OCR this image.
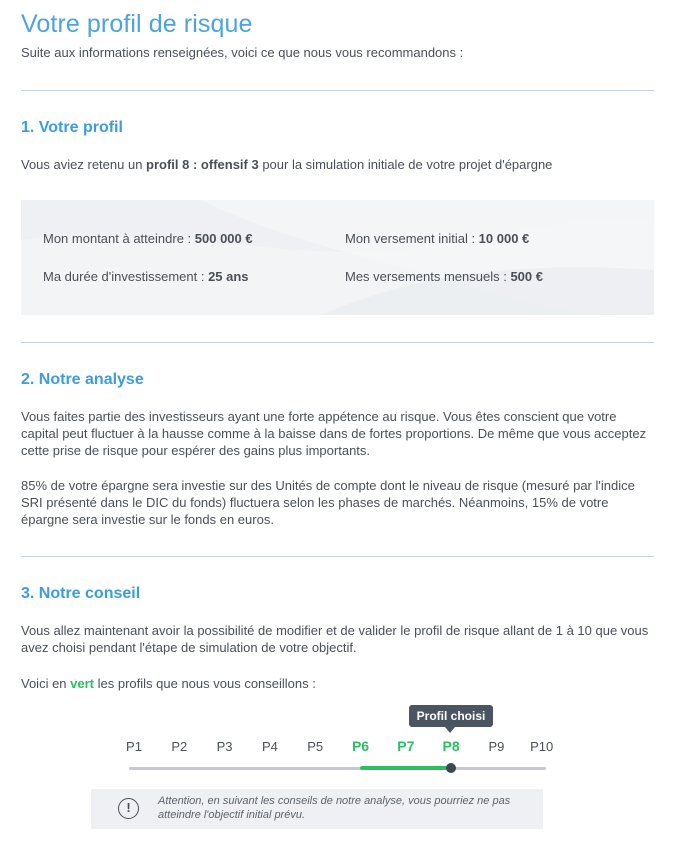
Votre profil de risque

Suite aux informations renseignées, voici ce que nous vous recommandons :

1. Votre profil

Vous aviez retenu un profil 8 : offensif 3 pour la simulation initiale de votre projet d'épargne

Mon montant à atteindre : 500 000 €	Mon versement initial : 10 000 €
Ma durée d'investissement : 25 ans	Mes versements mensuels : 500 €
2. Notre analyse

Vous faites partie des investisseurs ayant une forte appétence au risque. Vous êtes conscient que votre capital peut fluctuer à la hausse comme à la baisse dans de fortes proportions. De même que vous acceptez cette prise de risque pour espérer des gains plus importants.

85% de votre épargne sera investie sur des Unités de compte dont le niveau de risque (mesuré par l'indice SRI présenté dans le DIC du fonds) fluctuera selon les phases de marchés. Néanmoins, 15% de votre épargne sera investie sur le fonds en euros.

3. Notre conseil

Vous allez maintenant avoir la possibilité de modifier et de valider le profil de risque allant de 1 à 10 que vous avez choisi pendant l'étape de simulation de votre objectif.

Voici en vert les profils que nous vous conseillons :

Profil choisi
P1	P2	P3	P4	P5	P6	P7	P8	P9	P10
!	Attention, en suivant les conseils de notre analyse, vous pourriez ne pas atteindre l'objectif initial prévu.
